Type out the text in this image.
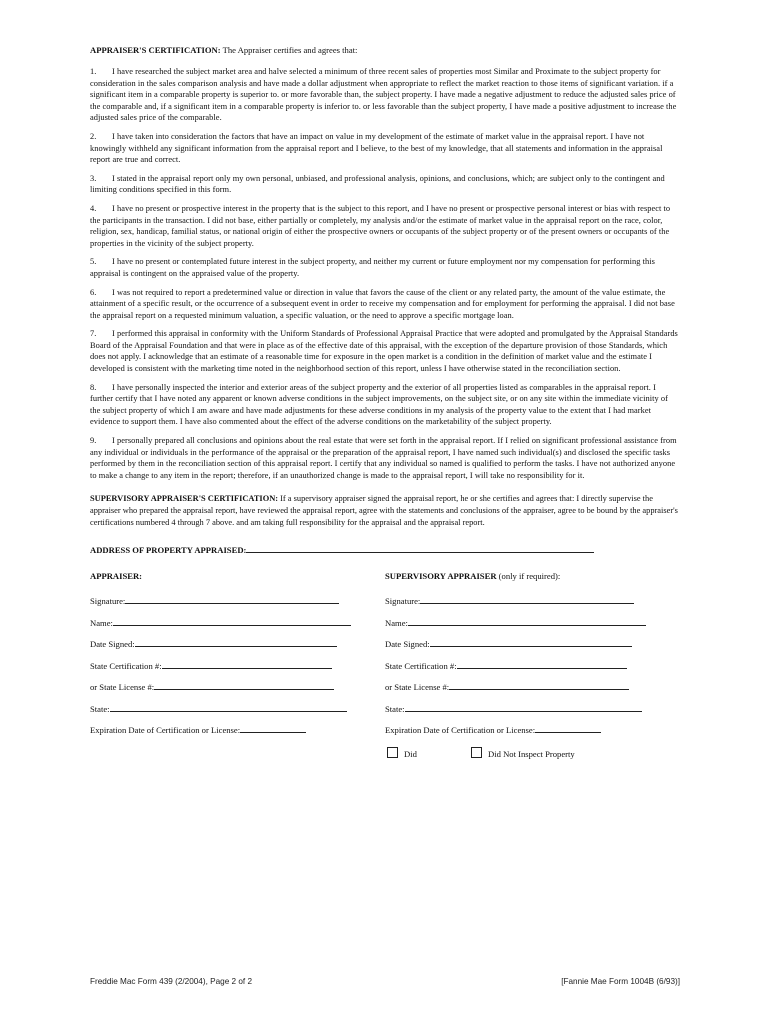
APPRAISER'S CERTIFICATION: The Appraiser certifies and agrees that:

1. I have researched the subject market area and halve selected a minimum of three recent sales of properties most Similar and Proximate to the subject property for consideration in the sales comparison analysis and have made a dollar adjustment when appropriate to reflect the market reaction to those items of significant variation. if a significant item in a comparable property is superior to. or more favorable than, the subject property. I have made a negative adjustment to reduce the adjusted sales price of the comparable and, if a significant item in a comparable property is inferior to. or less favorable than the subject property, I have made a positive adjustment to increase the adjusted sales price of the comparable.

2. I have taken into consideration the factors that have an impact on value in my development of the estimate of market value in the appraisal report. I have not knowingly withheld any significant information from the appraisal report and I believe, to the best of my knowledge, that all statements and information in the appraisal report are true and correct.

3. I stated in the appraisal report only my own personal, unbiased, and professional analysis, opinions, and conclusions, which; are subject only to the contingent and limiting conditions specified in this form.

4. I have no present or prospective interest in the property that is the subject to this report, and I have no present or prospective personal interest or bias with respect to the participants in the transaction. I did not base, either partially or completely, my analysis and/or the estimate of market value in the appraisal report on the race, color, religion, sex, handicap, familial status, or national origin of either the prospective owners or occupants of the subject property or of the present owners or occupants of the properties in the vicinity of the subject property.

5. I have no present or contemplated future interest in the subject property, and neither my current or future employment nor my compensation for performing this appraisal is contingent on the appraised value of the property.

6. I was not required to report a predetermined value or direction in value that favors the cause of the client or any related party, the amount of the value estimate, the attainment of a specific result, or the occurrence of a subsequent event in order to receive my compensation and for employment for performing the appraisal. I did not base the appraisal report on a requested minimum valuation, a specific valuation, or the need to approve a specific mortgage loan.

7. I performed this appraisal in conformity with the Uniform Standards of Professional Appraisal Practice that were adopted and promulgated by the Appraisal Standards Board of the Appraisal Foundation and that were in place as of the effective date of this appraisal, with the exception of the departure provision of those Standards, which does not apply. I acknowledge that an estimate of a reasonable time for exposure in the open market is a condition in the definition of market value and the estimate I developed is consistent with the marketing time noted in the neighborhood section of this report, unless I have otherwise stated in the reconciliation section.

8. I have personally inspected the interior and exterior areas of the subject property and the exterior of all properties listed as comparables in the appraisal report. I further certify that I have noted any apparent or known adverse conditions in the subject improvements, on the subject site, or on any site within the immediate vicinity of the subject property of which I am aware and have made adjustments for these adverse conditions in my analysis of the property value to the extent that I had market evidence to support them. I have also commented about the effect of the adverse conditions on the marketability of the subject property.

9. I personally prepared all conclusions and opinions about the real estate that were set forth in the appraisal report. If I relied on significant professional assistance from any individual or individuals in the performance of the appraisal or the preparation of the appraisal report, I have named such individual(s) and disclosed the specific tasks performed by them in the reconciliation section of this appraisal report. I certify that any individual so named is qualified to perform the tasks. I have not authorized anyone to make a change to any item in the report; therefore, if an unauthorized change is made to the appraisal report, I will take no responsibility for it.

SUPERVISORY APPRAISER'S CERTIFICATION: If a supervisory appraiser signed the appraisal report, he or she certifies and agrees that: I directly supervise the appraiser who prepared the appraisal report, have reviewed the appraisal report, agree with the statements and conclusions of the appraiser, agree to be bound by the appraiser's certifications numbered 4 through 7 above. and am taking full responsibility for the appraisal and the appraisal report.
ADDRESS OF PROPERTY APPRAISED:
APPRAISER:
Signature:
Name:
Date Signed:
State Certification #:
or State License #:
State:
Expiration Date of Certification or License:
SUPERVISORY APPRAISER (only if required):
Signature:
Name:
Date Signed:
State Certification #:
or State License #:
State:
Expiration Date of Certification or License:
Did	Did Not Inspect Property
Freddie Mac Form 439 (2/2004), Page 2 of 2	[Fannie Mae Form 1004B (6/93)]
